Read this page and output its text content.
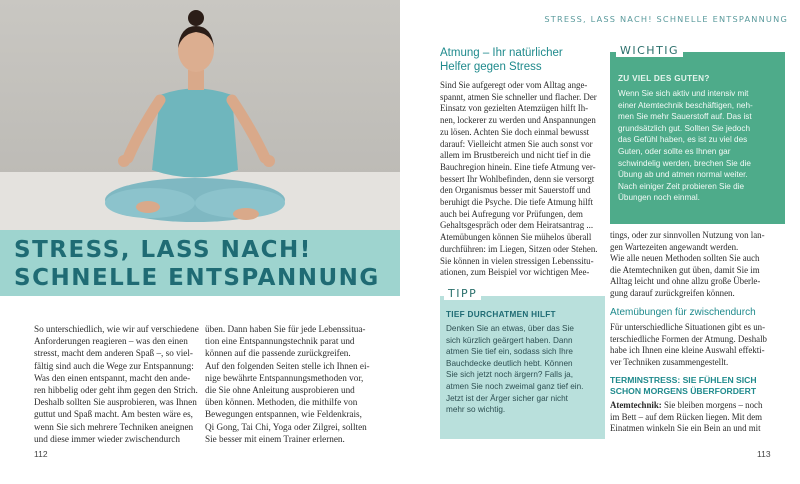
STRESS, LASS NACH!
SCHNELLE ENTSPANNUNG

So unterschiedlich, wie wir auf verschiedene

Anforderungen reagieren – was den einen

stresst, macht dem anderen Spaß –, so viel-

fältig sind auch die Wege zur Entspannung:

Was den einen entspannt, macht den ande-

ren hibbelig oder geht ihm gegen den Strich.

Deshalb sollten Sie ausprobieren, was Ihnen

guttut und Spaß macht. Am besten wäre es,

wenn Sie sich mehrere Techniken aneignen

und diese immer wieder zwischendurch

üben. Dann haben Sie für jede Lebenssitua-

tion eine Entspannungstechnik parat und

können auf die passende zurückgreifen.

Auf den folgenden Seiten stelle ich Ihnen ei-

nige bewährte Entspannungsmethoden vor,

die Sie ohne Anleitung ausprobieren und

üben können. Methoden, die mithilfe von

Bewegungen entspannen, wie Feldenkrais,

Qi Gong, Tai Chi, Yoga oder Zilgrei, sollten

Sie besser mit einem Trainer erlernen.

112
STRESS, LASS NACH! SCHNELLE ENTSPANNUNG
Atmung – Ihr natürlicher
Helfer gegen Stress

Sind Sie aufgeregt oder vom Alltag ange-

spannt, atmen Sie schneller und flacher. Der

Einsatz von gezielten Atemzügen hilft Ih-

nen, lockerer zu werden und Anspannungen

zu lösen. Achten Sie doch einmal bewusst

darauf: Vielleicht atmen Sie auch sonst vor

allem im Brustbereich und nicht tief in die

Bauchregion hinein. Eine tiefe Atmung ver-

bessert Ihr Wohlbefinden, denn sie versorgt

den Organismus besser mit Sauerstoff und

beruhigt die Psyche. Die tiefe Atmung hilft

auch bei Aufregung vor Prüfungen, dem

Gehaltsgespräch oder dem Heiratsantrag ...

Atemübungen können Sie mühelos überall

durchführen: im Liegen, Sitzen oder Stehen.

Sie können in vielen stressigen Lebenssitu-

ationen, zum Beispiel vor wichtigen Mee-

ZU VIEL DES GUTEN?
Wenn Sie sich aktiv und intensiv mit
einer Atemtechnik beschäftigen, neh-
men Sie mehr Sauerstoff auf. Das ist
grundsätzlich gut. Sollten Sie jedoch
das Gefühl haben, es ist zu viel des
Guten, oder sollte es Ihnen gar
schwindelig werden, brechen Sie die
Übung ab und atmen normal weiter.
Nach einiger Zeit probieren Sie die
Übungen noch einmal.
WICHTIG
TIEF DURCHATMEN HILFT
Denken Sie an etwas, über das Sie
sich kürzlich geärgert haben. Dann
atmen Sie tief ein, sodass sich Ihre
Bauchdecke deutlich hebt. Können
Sie sich jetzt noch ärgern? Falls ja,
atmen Sie noch zweimal ganz tief ein.
Jetzt ist der Ärger sicher gar nicht
mehr so wichtig.
TIPP

tings, oder zur sinnvollen Nutzung von lan-

gen Wartezeiten angewandt werden.

Wie alle neuen Methoden sollten Sie auch

die Atemtechniken gut üben, damit Sie im

Alltag leicht und ohne allzu große Überle-

gung darauf zurückgreifen können.

Atemübungen für zwischendurch

Für unterschiedliche Situationen gibt es un-

terschiedliche Formen der Atmung. Deshalb

habe ich Ihnen eine kleine Auswahl effekti-

ver Techniken zusammengestellt.

TERMINSTRESS: SIE FÜHLEN SICH
SCHON MORGENS ÜBERFORDERT

Atemtechnik: Sie bleiben morgens – noch

im Bett – auf dem Rücken liegen. Mit dem

Einatmen winkeln Sie ein Bein an und mit

113
